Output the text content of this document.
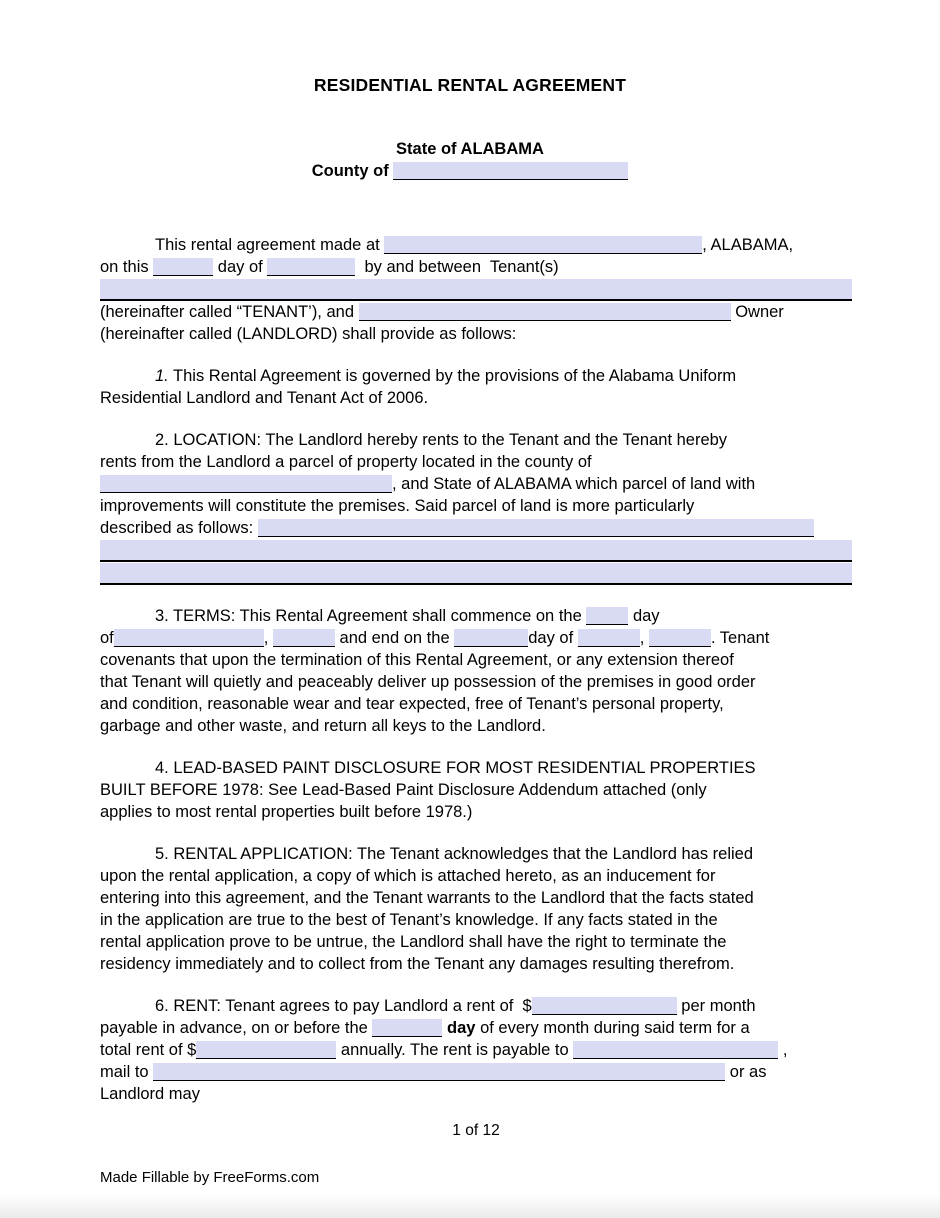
RESIDENTIAL RENTAL AGREEMENT
State of ALABAMA
County of
This rental agreement made at	, ALABAMA,
on this	day of	by and between  Tenant(s)
(hereinafter called “TENANT’), and	Owner
(hereinafter called (LANDLORD) shall provide as follows:
1. This Rental Agreement is governed by the provisions of the Alabama Uniform
Residential Landlord and Tenant Act of 2006.
2. LOCATION: The Landlord hereby rents to the Tenant and the Tenant hereby
rents from the Landlord a parcel of property located in the county of
, and State of ALABAMA which parcel of land with
improvements will constitute the premises. Said parcel of land is more particularly
described as follows:
3. TERMS: This Rental Agreement shall commence on the	day
of	,	and end on the	day of	,	. Tenant
covenants that upon the termination of this Rental Agreement, or any extension thereof
that Tenant will quietly and peaceably deliver up possession of the premises in good order
and condition, reasonable wear and tear expected, free of Tenant’s personal property,
garbage and other waste, and return all keys to the Landlord.
4. LEAD-BASED PAINT DISCLOSURE FOR MOST RESIDENTIAL PROPERTIES
BUILT BEFORE 1978: See Lead-Based Paint Disclosure Addendum attached (only
applies to most rental properties built before 1978.)
5. RENTAL APPLICATION: The Tenant acknowledges that the Landlord has relied
upon the rental application, a copy of which is attached hereto, as an inducement for
entering into this agreement, and the Tenant warrants to the Landlord that the facts stated
in the application are true to the best of Tenant’s knowledge. If any facts stated in the
rental application prove to be untrue, the Landlord shall have the right to terminate the
residency immediately and to collect from the Tenant any damages resulting therefrom.
6. RENT: Tenant agrees to pay Landlord a rent of  $	per month
payable in advance, on or before the	day of every month during said term for a
total rent of $	annually. The rent is payable to	,
mail to	or as
Landlord may
1 of 12
Made Fillable by FreeForms.com
